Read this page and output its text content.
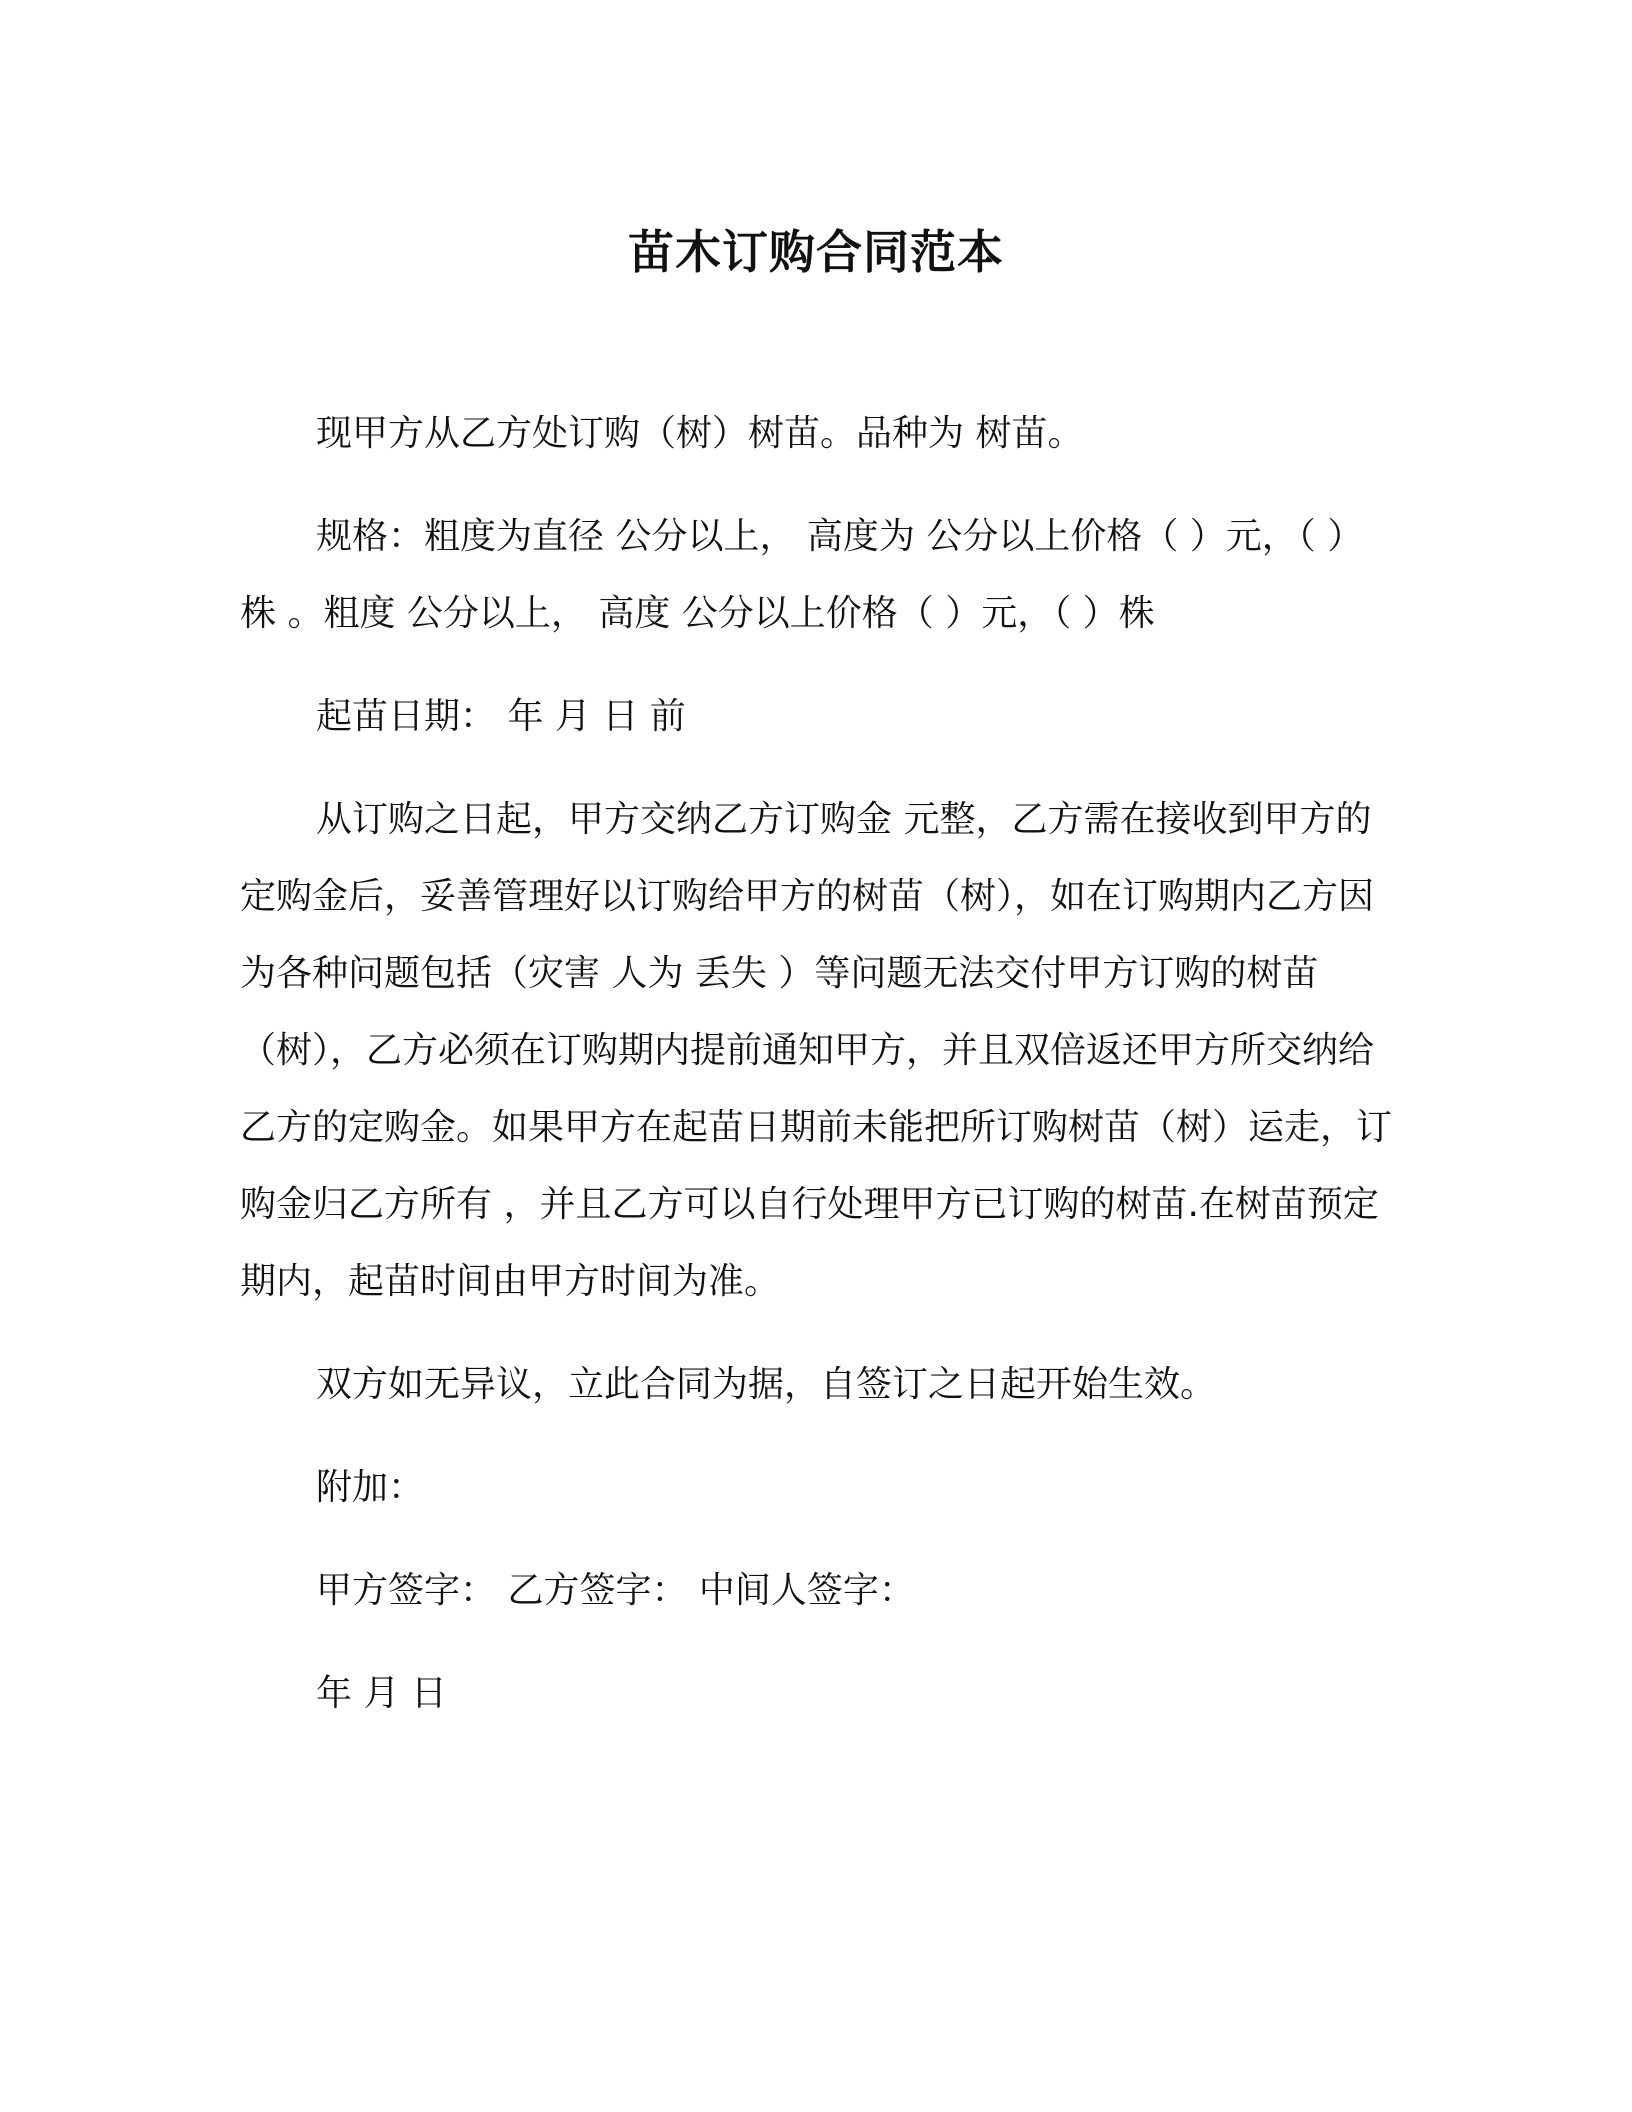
苗木订购合同范本

现甲方从乙方处订购（树）树苗。品种为 树苗。

规格：粗度为直径 公分以上， 高度为 公分以上价格（ ）元，（ ）株 。粗度 公分以上， 高度 公分以上价格（ ）元，（ ）株

起苗日期： 年 月 日 前

从订购之日起，甲方交纳乙方订购金 元整，乙方需在接收到甲方的定购金后，妥善管理好以订购给甲方的树苗（树），如在订购期内乙方因为各种问题包括（灾害 人为 丢失 ）等问题无法交付甲方订购的树苗（树），乙方必须在订购期内提前通知甲方，并且双倍返还甲方所交纳给乙方的定购金。如果甲方在起苗日期前未能把所订购树苗（树）运走，订购金归乙方所有 ，并且乙方可以自行处理甲方已订购的树苗.在树苗预定期内，起苗时间由甲方时间为准。

双方如无异议，立此合同为据，自签订之日起开始生效。

附加：

甲方签字： 乙方签字： 中间人签字：

年 月 日
